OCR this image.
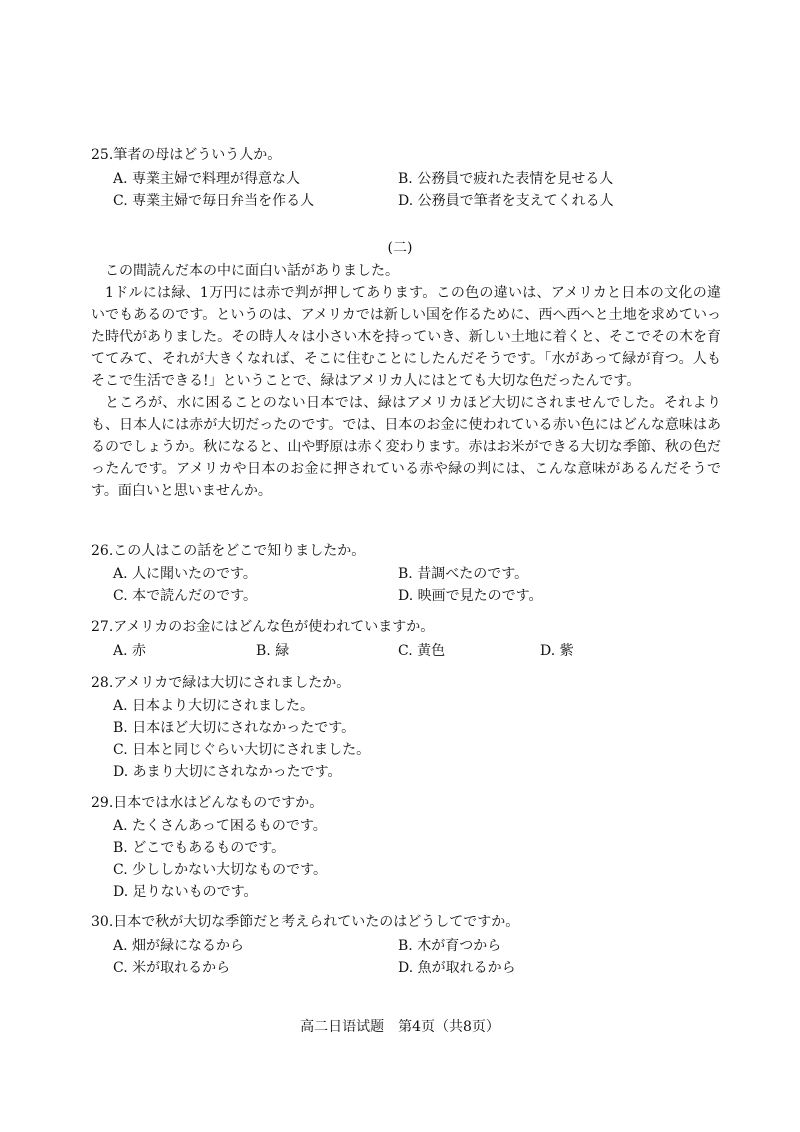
25.筆者の母はどういう人か。
A. 専業主婦で料理が得意な人	B. 公務員で疲れた表情を見せる人
C. 専業主婦で毎日弁当を作る人	D. 公務員で筆者を支えてくれる人
(二)

この間読んだ本の中に面白い話がありました。

1ドルには緑、1万円には赤で判が押してあります。この色の違いは、アメリカと日本の文化の違いでもあるのです。というのは、アメリカでは新しい国を作るために、西へ西へと土地を求めていった時代がありました。その時人々は小さい木を持っていき、新しい土地に着くと、そこでその木を育ててみて、それが大きくなれば、そこに住むことにしたんだそうです。「水があって緑が育つ。人もそこで生活できる!」ということで、緑はアメリカ人にはとても大切な色だったんです。

ところが、水に困ることのない日本では、緑はアメリカほど大切にされませんでした。それよりも、日本人には赤が大切だったのです。では、日本のお金に使われている赤い色にはどんな意味はあるのでしょうか。秋になると、山や野原は赤く変わります。赤はお米ができる大切な季節、秋の色だったんです。アメリカや日本のお金に押されている赤や緑の判には、こんな意味があるんだそうです。面白いと思いませんか。

26.この人はこの話をどこで知りましたか。
A. 人に聞いたのです。	B. 昔調べたのです。
C. 本で読んだのです。	D. 映画で見たのです。
27.アメリカのお金にはどんな色が使われていますか。
A. 赤	B. 緑	C. 黄色	D. 紫
28.アメリカで緑は大切にされましたか。
A. 日本より大切にされました。
B. 日本ほど大切にされなかったです。
C. 日本と同じぐらい大切にされました。
D. あまり大切にされなかったです。
29.日本では水はどんなものですか。
A. たくさんあって困るものです。
B. どこでもあるものです。
C. 少ししかない大切なものです。
D. 足りないものです。
30.日本で秋が大切な季節だと考えられていたのはどうしてですか。
A. 畑が緑になるから	B. 木が育つから
C. 米が取れるから	D. 魚が取れるから
高二日语试题　第4页（共8页）
